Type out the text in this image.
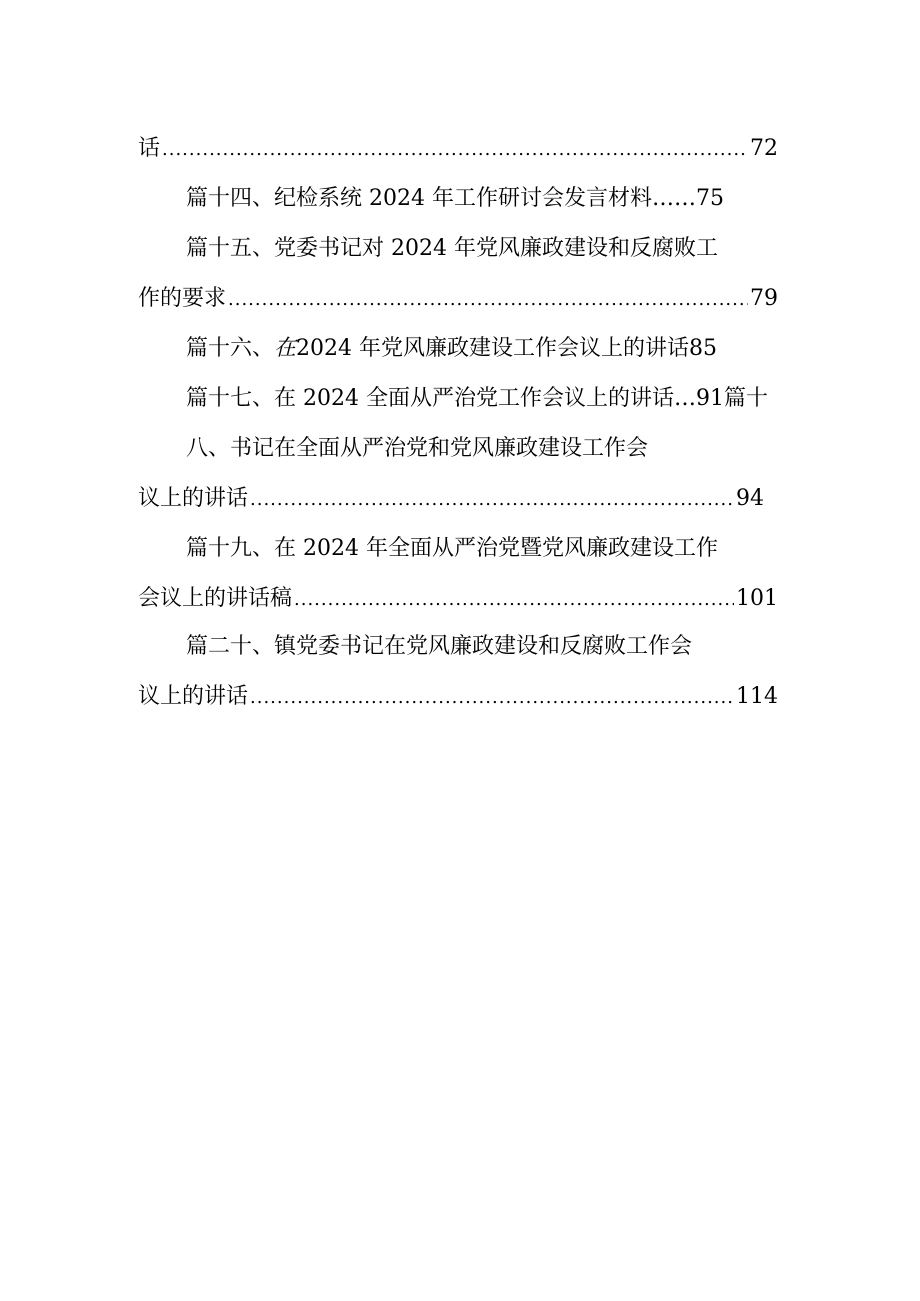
话 .....	72
篇十四、纪检系统 2024 年工作研讨会发言材料 …… 75
篇十五、党委书记对 2024 年党风廉政建设和反腐败工
作的要求 .....	79
篇十六、 在 2024 年党风廉政建设工作会议上的讲话 85
篇十七、在 2024 全面从严治党工作会议上的讲话… 91 篇十
八、书记在全面从严治党和党风廉政建设工作会
议上的讲话 .....	94
篇十九、在 2024 年全面从严治党暨党风廉政建设工作
会议上的讲话稿 .....	101
篇二十、镇党委书记在党风廉政建设和反腐败工作会
议上的讲话 .....	114
